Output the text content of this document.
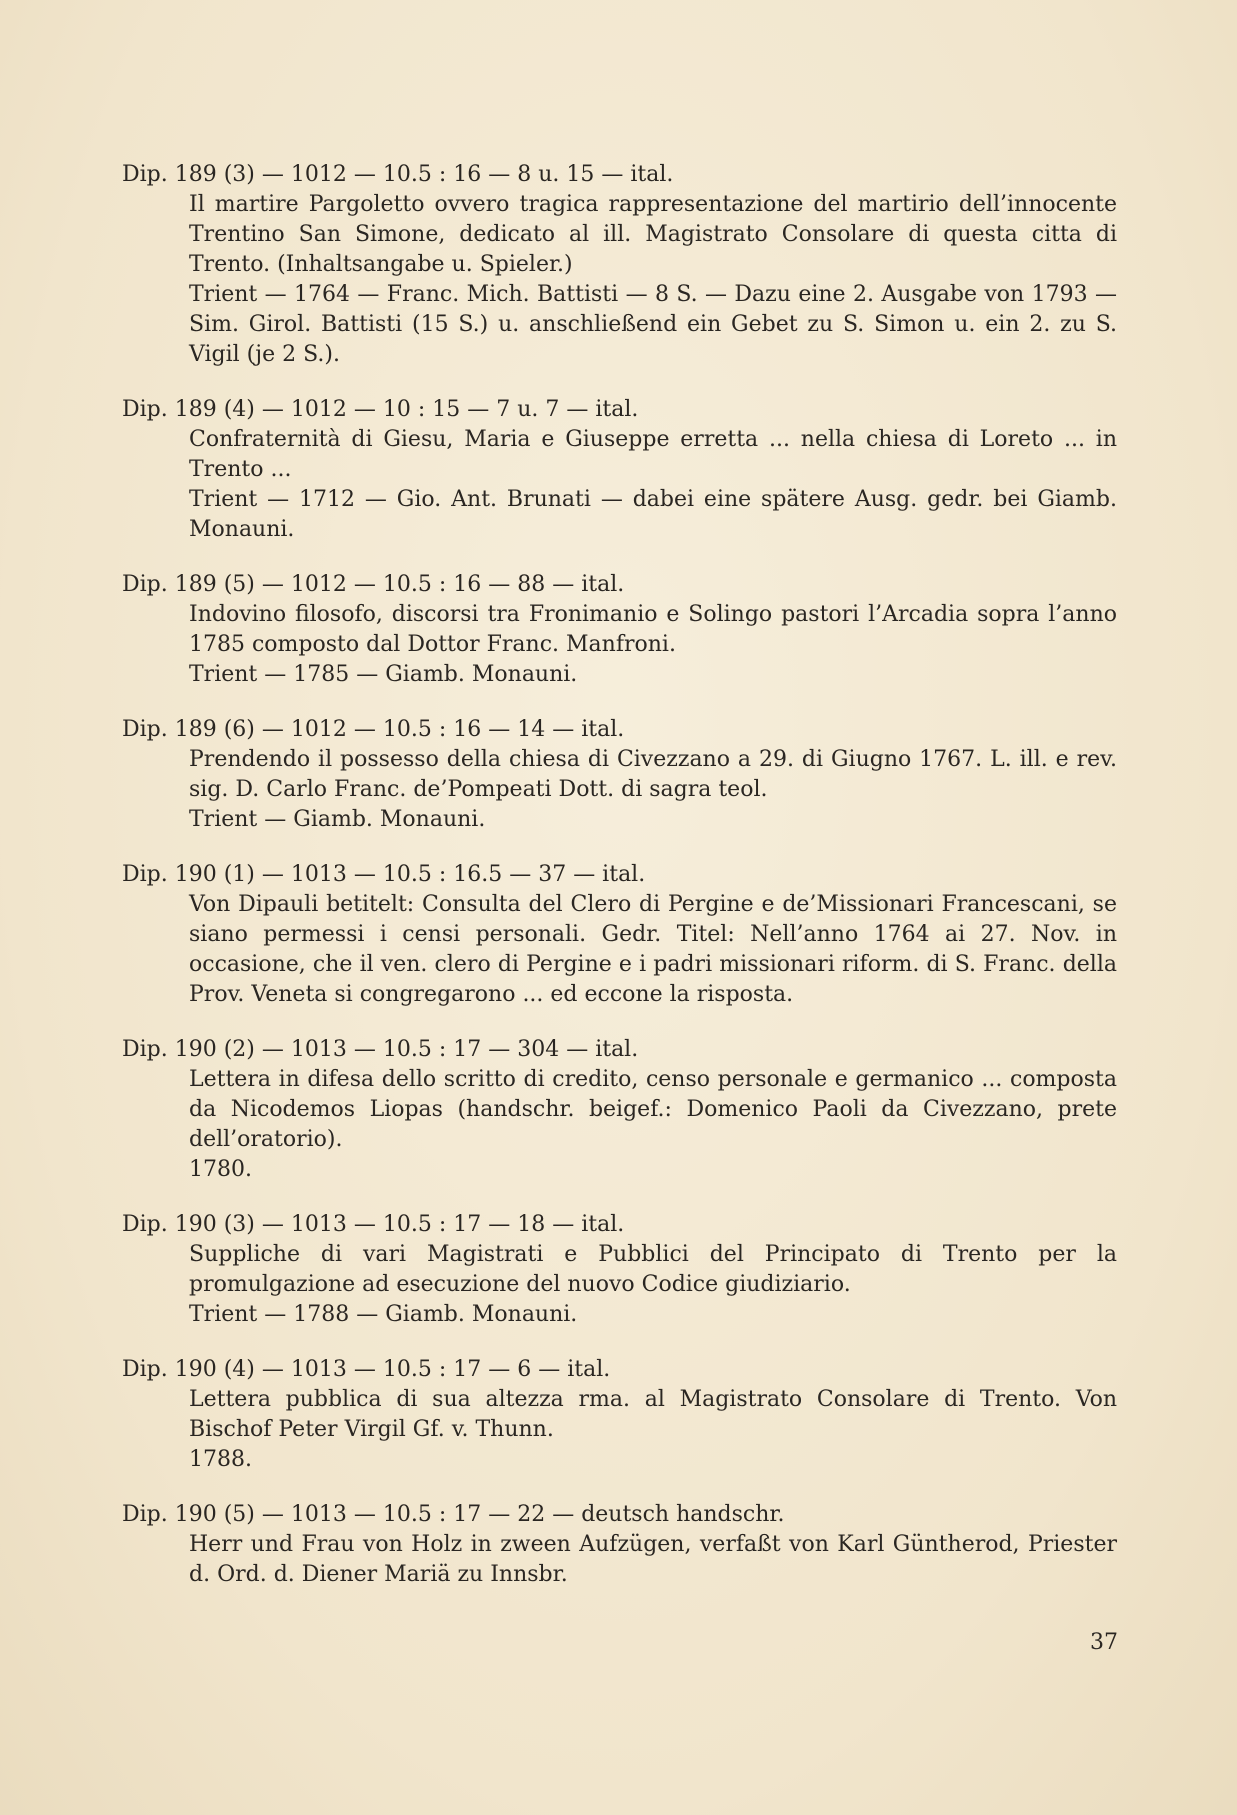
Dip. 189 (3) — 1012 — 10.5 : 16 — 8 u. 15 — ital.

Il martire Pargoletto ovvero tragica rappresentazione del martirio dell’innocente Trentino San Simone, dedicato al ill. Magistrato Consolare di questa citta di Trento. (Inhaltsangabe u. Spieler.)

Trient — 1764 — Franc. Mich. Battisti — 8 S. — Dazu eine 2. Ausgabe von 1793 — Sim. Girol. Battisti (15 S.) u. anschließend ein Gebet zu S. Simon u. ein 2. zu S. Vigil (je 2 S.).

Dip. 189 (4) — 1012 — 10 : 15 — 7 u. 7 — ital.

Confraternità di Giesu, Maria e Giuseppe erretta ... nella chiesa di Loreto ... in Trento ...

Trient — 1712 — Gio. Ant. Brunati — dabei eine spätere Ausg. gedr. bei Giamb. Monauni.

Dip. 189 (5) — 1012 — 10.5 : 16 — 88 — ital.

Indovino filosofo, discorsi tra Fronimanio e Solingo pastori l’Arcadia sopra l’anno 1785 composto dal Dottor Franc. Manfroni.

Trient — 1785 — Giamb. Monauni.

Dip. 189 (6) — 1012 — 10.5 : 16 — 14 — ital.

Prendendo il possesso della chiesa di Civezzano a 29. di Giugno 1767. L. ill. e rev. sig. D. Carlo Franc. de’Pompeati Dott. di sagra teol.

Trient — Giamb. Monauni.

Dip. 190 (1) — 1013 — 10.5 : 16.5 — 37 — ital.

Von Dipauli betitelt: Consulta del Clero di Pergine e de’Missionari Francescani, se siano permessi i censi personali. Gedr. Titel: Nell’anno 1764 ai 27. Nov. in occasione, che il ven. clero di Pergine e i padri missionari riform. di S. Franc. della Prov. Veneta si congregarono ... ed eccone la risposta.

Dip. 190 (2) — 1013 — 10.5 : 17 — 304 — ital.

Lettera in difesa dello scritto di credito, censo personale e germanico ... composta da Nicodemos Liopas (handschr. beigef.: Domenico Paoli da Civezzano, prete dell’oratorio).

1780.

Dip. 190 (3) — 1013 — 10.5 : 17 — 18 — ital.

Suppliche di vari Magistrati e Pubblici del Principato di Trento per la promulgazione ad esecuzione del nuovo Codice giudiziario.

Trient — 1788 — Giamb. Monauni.

Dip. 190 (4) — 1013 — 10.5 : 17 — 6 — ital.

Lettera pubblica di sua altezza rma. al Magistrato Consolare di Trento. Von Bischof Peter Virgil Gf. v. Thunn.

1788.

Dip. 190 (5) — 1013 — 10.5 : 17 — 22 — deutsch handschr.

Herr und Frau von Holz in zween Aufzügen, verfaßt von Karl Güntherod, Priester d. Ord. d. Diener Mariä zu Innsbr.

37
